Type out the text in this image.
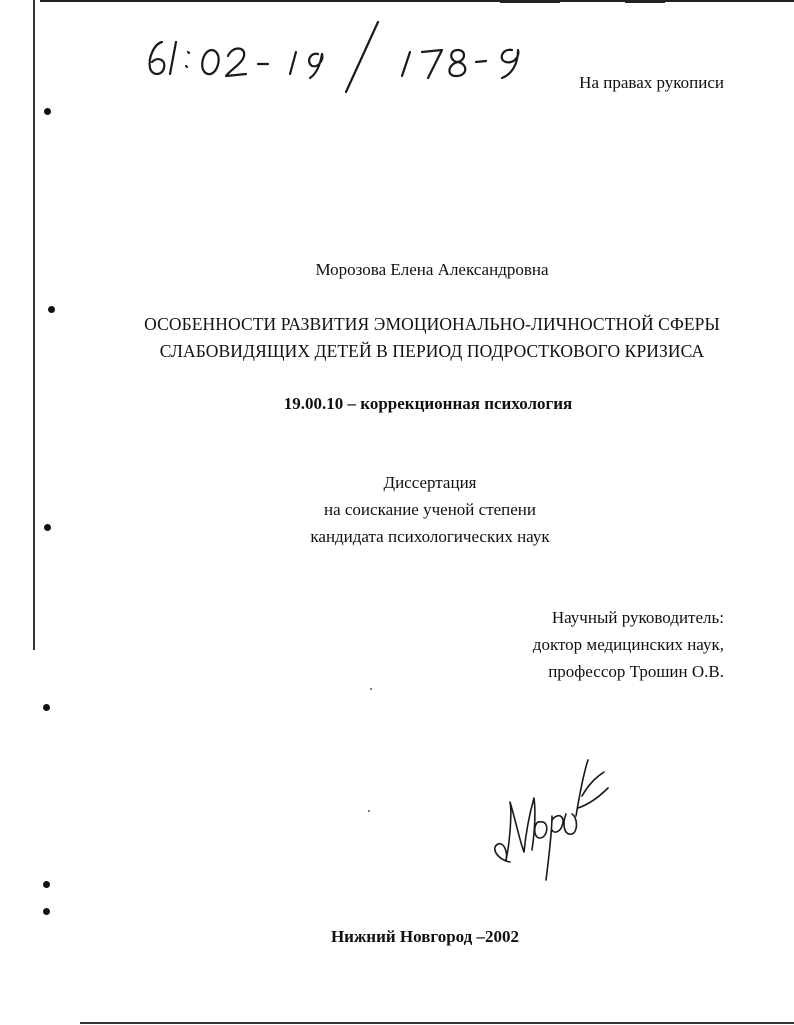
61: 02- 19/ 178-9
На правах рукописи
Морозова Елена Александровна
ОСОБЕННОСТИ РАЗВИТИЯ ЭМОЦИОНАЛЬНО-ЛИЧНОСТНОЙ СФЕРЫ
СЛАБОВИДЯЩИХ ДЕТЕЙ В ПЕРИОД ПОДРОСТКОВОГО КРИЗИСА
19.00.10 – коррекционная психология
Диссертация
на соискание ученой степени
кандидата психологических наук
Научный руководитель:
доктор медицинских наук,
профессор Трошин О.В.
Нижний Новгород –2002
